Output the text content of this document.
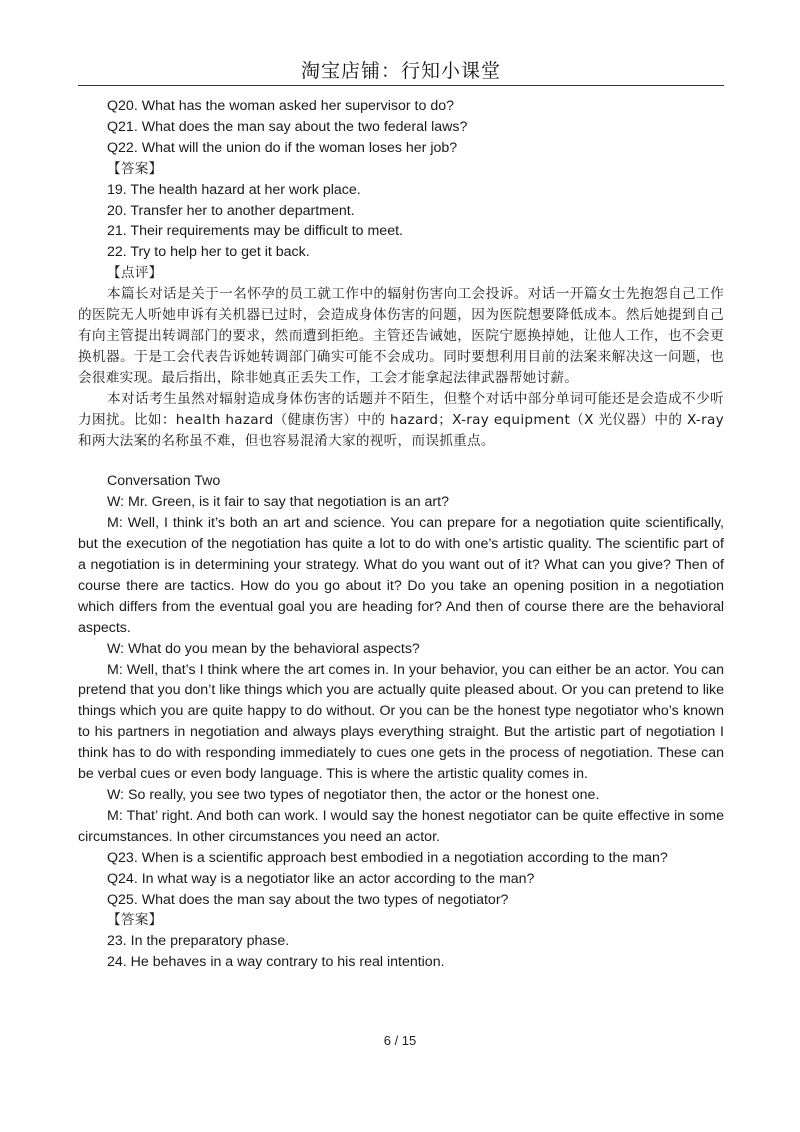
淘宝店铺：行知小课堂

Q20. What has the woman asked her supervisor to do?

Q21. What does the man say about the two federal laws?

Q22. What will the union do if the woman loses her job?

【答案】

19. The health hazard at her work place.

20. Transfer her to another department.

21. Their requirements may be difficult to meet.

22. Try to help her to get it back.

【点评】

本篇长对话是关于一名怀孕的员工就工作中的辐射伤害向工会投诉。对话一开篇女士先抱怨自己工作的医院无人听她申诉有关机器已过时，会造成身体伤害的问题，因为医院想要降低成本。然后她提到自己有向主管提出转调部门的要求，然而遭到拒绝。主管还告诫她，医院宁愿换掉她，让他人工作，也不会更换机器。于是工会代表告诉她转调部门确实可能不会成功。同时要想利用目前的法案来解决这一问题，也会很难实现。最后指出，除非她真正丢失工作，工会才能拿起法律武器帮她讨薪。

本对话考生虽然对辐射造成身体伤害的话题并不陌生，但整个对话中部分单词可能还是会造成不少听力困扰。比如：health hazard（健康伤害）中的 hazard；X-ray equipment（X 光仪器）中的 X-ray 和两大法案的名称虽不难，但也容易混淆大家的视听，而误抓重点。

Conversation Two

W: Mr. Green, is it fair to say that negotiation is an art?

M: Well, I think it’s both an art and science. You can prepare for a negotiation quite scientifically, but the execution of the negotiation has quite a lot to do with one’s artistic quality. The scientific part of a negotiation is in determining your strategy. What do you want out of it? What can you give? Then of course there are tactics. How do you go about it? Do you take an opening position in a negotiation which differs from the eventual goal you are heading for? And then of course there are the behavioral aspects.

W: What do you mean by the behavioral aspects?

M: Well, that’s I think where the art comes in. In your behavior, you can either be an actor. You can pretend that you don’t like things which you are actually quite pleased about. Or you can pretend to like things which you are quite happy to do without. Or you can be the honest type negotiator who’s known to his partners in negotiation and always plays everything straight. But the artistic part of negotiation I think has to do with responding immediately to cues one gets in the process of negotiation. These can be verbal cues or even body language. This is where the artistic quality comes in.

W: So really, you see two types of negotiator then, the actor or the honest one.

M: That’ right. And both can work. I would say the honest negotiator can be quite effective in some circumstances. In other circumstances you need an actor.

Q23. When is a scientific approach best embodied in a negotiation according to the man?

Q24. In what way is a negotiator like an actor according to the man?

Q25. What does the man say about the two types of negotiator?

【答案】

23. In the preparatory phase.

24. He behaves in a way contrary to his real intention.

6 / 15
